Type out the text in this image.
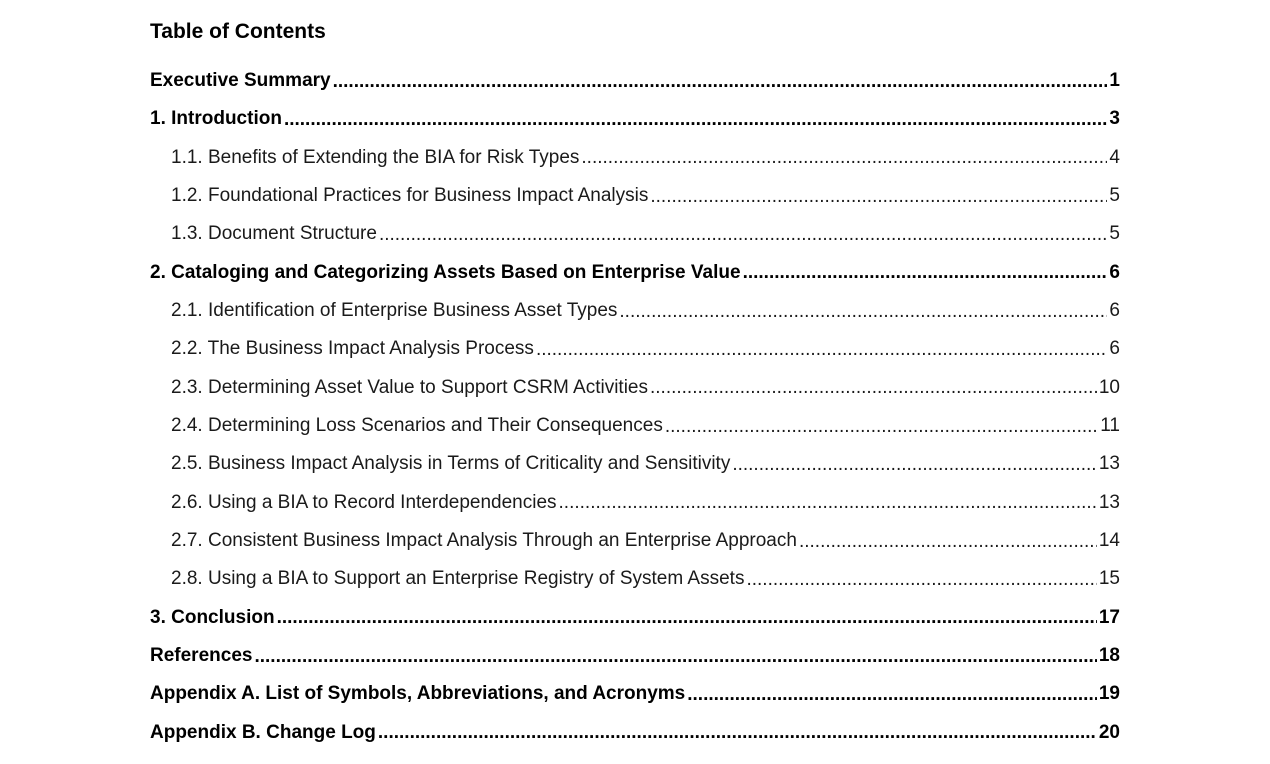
Table of Contents
Executive Summary .....	1
1. Introduction .....	3
1.1. Benefits of Extending the BIA for Risk Types .....	4
1.2. Foundational Practices for Business Impact Analysis .....	5
1.3. Document Structure .....	5
2. Cataloging and Categorizing Assets Based on Enterprise Value .....	6
2.1. Identification of Enterprise Business Asset Types .....	6
2.2. The Business Impact Analysis Process .....	6
2.3. Determining Asset Value to Support CSRM Activities .....	10
2.4. Determining Loss Scenarios and Their Consequences .....	11
2.5. Business Impact Analysis in Terms of Criticality and Sensitivity .....	13
2.6. Using a BIA to Record Interdependencies .....	13
2.7. Consistent Business Impact Analysis Through an Enterprise Approach .....	14
2.8. Using a BIA to Support an Enterprise Registry of System Assets .....	15
3. Conclusion .....	17
References .....	18
Appendix A. List of Symbols, Abbreviations, and Acronyms .....	19
Appendix B. Change Log .....	20
